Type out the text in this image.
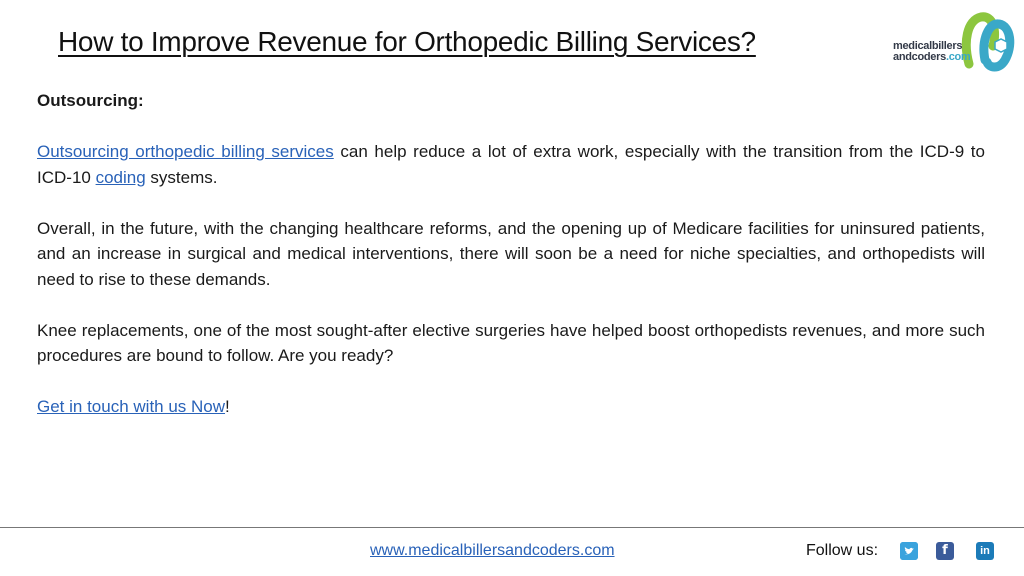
How to Improve Revenue for Orthopedic Billing Services?	medicalbillers
andcoders.com

Outsourcing:

Outsourcing orthopedic billing services can help reduce a lot of extra work, especially with the transition from the ICD-9 to ICD-10 coding systems.

Overall, in the future, with the changing healthcare reforms, and the opening up of Medicare facilities for uninsured patients, and an increase in surgical and medical interventions, there will soon be a need for niche specialties, and orthopedists will need to rise to these demands.

Knee replacements, one of the most sought-after elective surgeries have helped boost orthopedists revenues, and more such procedures are bound to follow. Are you ready?

Get in touch with us Now!

www.medicalbillersandcoders.com	Follow us:	f	in
